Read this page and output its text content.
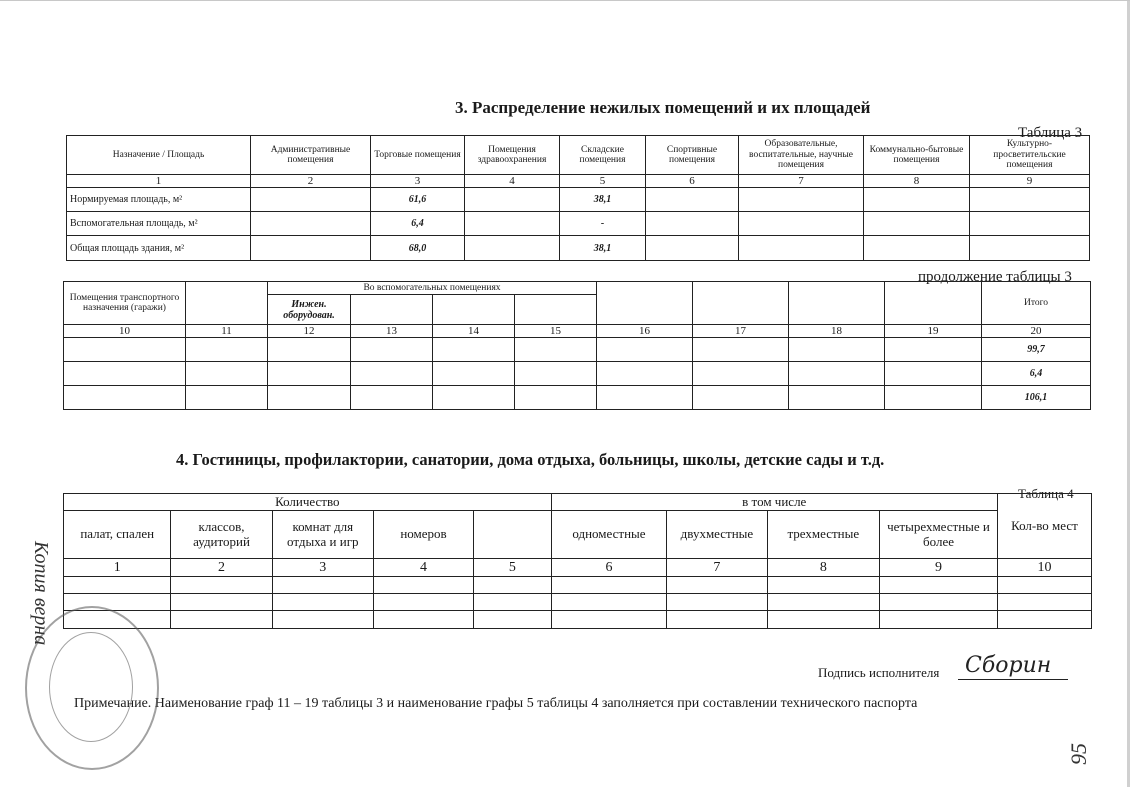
3. Распределение нежилых помещений и их площадей
Таблица 3
Назначение / Площадь	Административные помещения	Торговые помещения	Помещения здравоохранения	Складские помещения	Спортивные помещения	Образовательные, воспитательные, научные помещения	Коммунально-бытовые помещения	Культурно-просветительские помещения
1	2	3	4	5	6	7	8	9
Нормируемая площадь, м²		61,6		38,1				
Вспомогательная площадь, м²		6,4		-				
Общая площадь здания, м²		68,0		38,1				
продолжение таблицы 3
Помещения транспортного назначения (гаражи)		Во вспомогательных помещениях								Итого
		Инжен. оборудован.								
10	11	12	13	14	15	16	17	18	19	20
										99,7
										6,4
										106,1
4. Гостиницы, профилактории, санатории, дома отдыха, больницы, школы, детские сады и т.д.
Таблица 4
Количество					в том числе				Кол-во мест
палат, спален	классов, аудиторий	комнат для отдыха и игр	номеров		одноместные	двухместные	трехместные	четырехместные и более	
1	2	3	4	5	6	7	8	9	10

Подпись исполнителя Сборин
Примечание. Наименование граф 11 – 19 таблицы 3 и наименование графы 5 таблицы 4 заполняется при составлении технического паспорта
Копия верна
95
